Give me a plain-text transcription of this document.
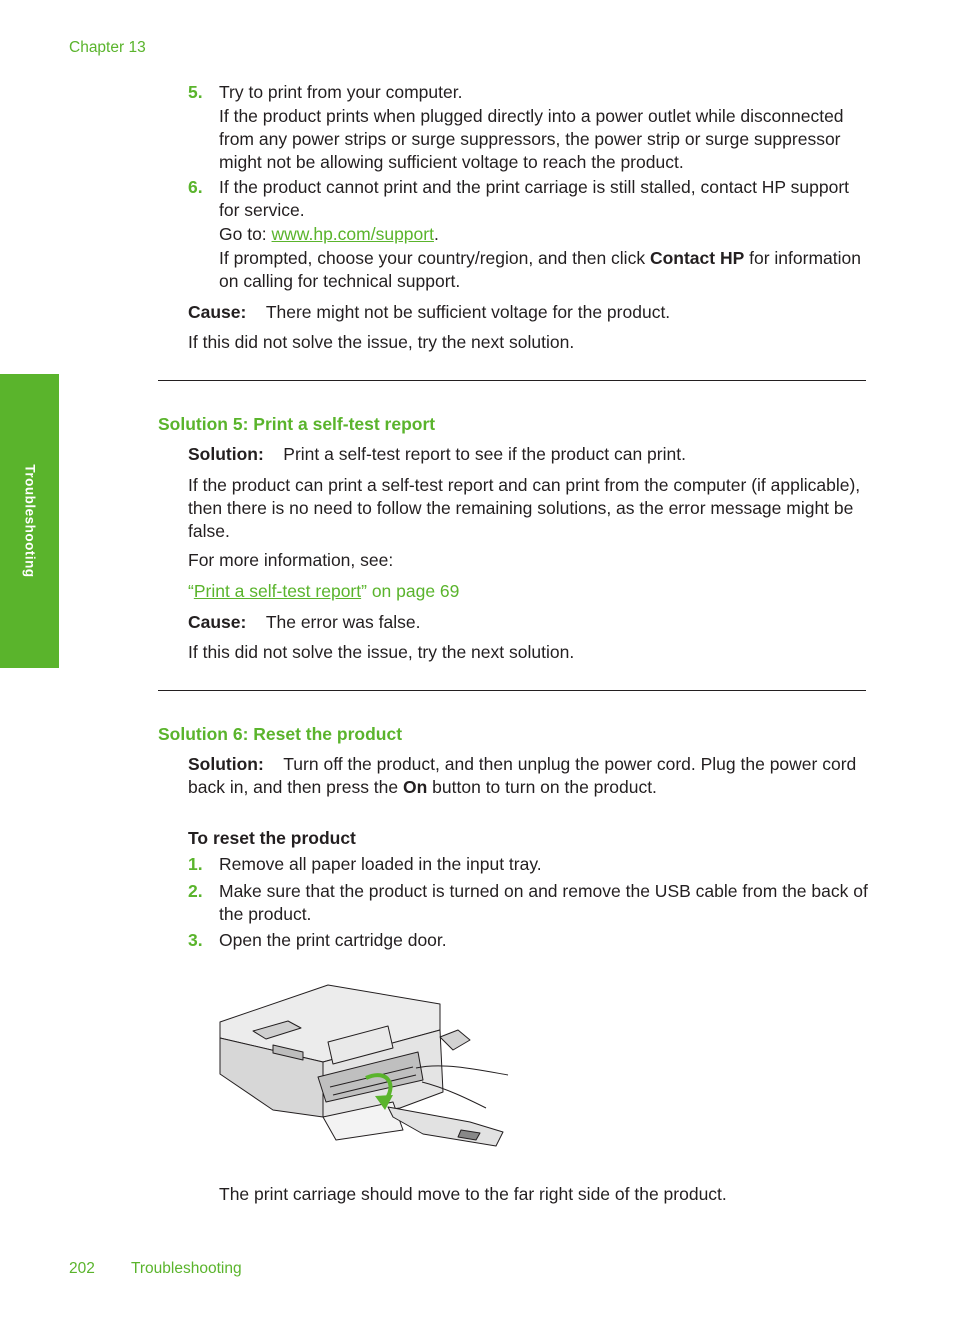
Chapter 13
Troubleshooting
5. Try to print from your computer.
If the product prints when plugged directly into a power outlet while disconnected from any power strips or surge suppressors, the power strip or surge suppressor might not be allowing sufficient voltage to reach the product.
6. If the product cannot print and the print carriage is still stalled, contact HP support for service.
Go to: www.hp.com/support.
If prompted, choose your country/region, and then click Contact HP for information on calling for technical support.
Cause: There might not be sufficient voltage for the product.
If this did not solve the issue, try the next solution.
Solution 5: Print a self-test report
Solution: Print a self-test report to see if the product can print.
If the product can print a self-test report and can print from the computer (if applicable), then there is no need to follow the remaining solutions, as the error message might be false.
For more information, see:
“Print a self-test report” on page 69
Cause: The error was false.
If this did not solve the issue, try the next solution.
Solution 6: Reset the product
Solution: Turn off the product, and then unplug the power cord. Plug the power cord back in, and then press the On button to turn on the product.
To reset the product
1. Remove all paper loaded in the input tray.
2. Make sure that the product is turned on and remove the USB cable from the back of the product.
3. Open the print cartridge door.
The print carriage should move to the far right side of the product.
202 Troubleshooting
